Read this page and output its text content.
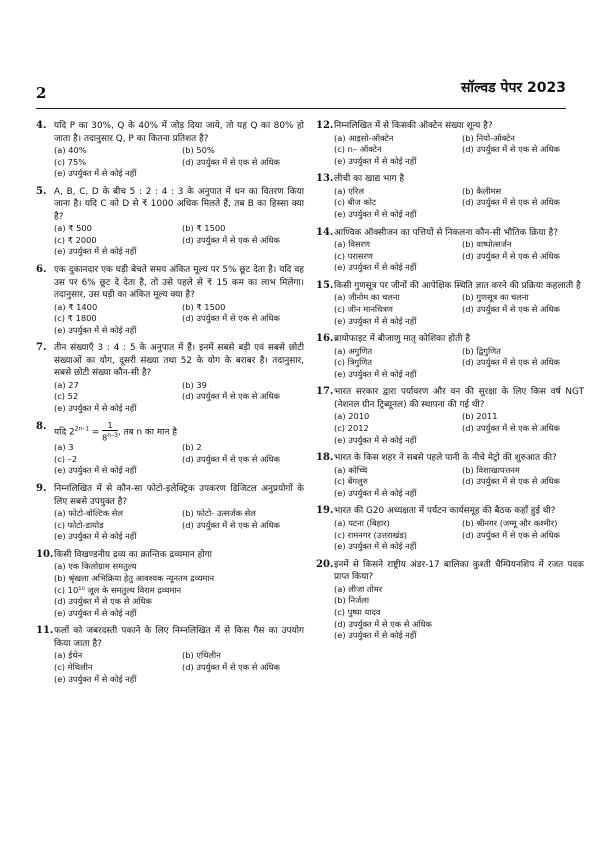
2	सॉल्वड पेपर 2023
4. यदि P का 30%, Q के 40% में जोड़ दिया जाये, तो यह Q का 80% हो जाता है। तदानुसार Q, P का कितना प्रतिशत है?
(a) 40%	(b) 50%
(c) 75%	(d) उपर्युक्त में से एक से अधिक
(e) उपर्युक्त में से कोई नहीं
5. A, B, C, D के बीच 5 : 2 : 4 : 3 के अनुपात में धन का वितरण किया जाना है। यदि C को D से ₹ 1000 अधिक मिलते हैं, तब B का हिस्सा क्या है?
(a) ₹ 500	(b) ₹ 1500
(c) ₹ 2000	(d) उपर्युक्त में से एक से अधिक
(e) उपर्युक्त में से कोई नहीं
6. एक दुकानदार एक घड़ी बेचते समय अंकित मूल्य पर 5% छूट देता है। यदि वह उस पर 6% छूट दे देता है, तो उसे पहले से ₹ 15 कम का लाभ मिलेगा। तदानुसार, उस घड़ी का अंकित मूल्य क्या है?
(a) ₹ 1400	(b) ₹ 1500
(c) ₹ 1800	(d) उपर्युक्त में से एक से अधिक
(e) उपर्युक्त में से कोई नहीं
7. तीन संख्याएँ 3 : 4 : 5 के अनुपात में हैं। इनमें सबसे बड़ी एवं सबसे छोटी संख्याओं का योग, दूसरी संख्या तथा 52 के योग के बराबर है। तदानुसार, सबसे छोटी संख्या कौन-सी है?
(a) 27	(b) 39
(c) 52	(d) उपर्युक्त में से एक से अधिक
(e) उपर्युक्त में से कोई नहीं
8.
यदि $2^{2n-1} = \frac{1}{8^{n-3}}$ , तब n का मान है
(a) 3	(b) 2
(c) –2	(d) उपर्युक्त में से एक से अधिक
(e) उपर्युक्त में से कोई नहीं
9. निम्नलिखित में से कौन-सा फोटो-इलेक्ट्रिक उपकरण डिजिटल अनुप्रयोगों के लिए सबसे उपयुक्त है?
(a) फोटो-वोल्टिक सेल	(b) फोटो- उत्सर्जक सेल
(c) फोटो-डायोड	(d) उपर्युक्त में से एक से अधिक
(e) उपर्युक्त में से कोई नहीं
10. किसी विखण्डनीय द्रव्य का क्रान्तिक द्रव्यमान होगा
(a) एक किलोग्राम समतुल्य
(b) श्रृंखला अभिक्रिया हेतु आवश्यक न्यूनतम द्रव्यमान
(c) 10¹⁰ जूल के समतुल्य विराम द्रव्यमान
(d) उपर्युक्त में से एक से अधिक
(e) उपर्युक्त में से कोई नहीं
11. फलों को जबरदस्ती पकाने के लिए निम्नलिखित में से किस गैस का उपयोग किया जाता है?
(a) ईथेन	(b) एथिलीन
(c) मेथिलीन	(d) उपर्युक्त में से एक से अधिक
(e) उपर्युक्त में से कोई नहीं
12. निम्नलिखित में से किसकी ऑक्टेन संख्या शून्य है?
(a) आइसो-ऑक्टेन	(b) नियो-ऑक्टेन
(c) n– ऑक्टेन	(d) उपर्युक्त में से एक से अधिक
(e) उपर्युक्त में से कोई नहीं
13. लीची का खाद्य भाग है
(a) एरिल	(b) कैलीमस
(c) बीज कोट	(d) उपर्युक्त में से एक से अधिक
(e) उपर्युक्त में से कोई नहीं
14. आण्विक ऑक्सीजन का पत्तियों से निकलना कौन-सी भौतिक क्रिया है?
(a) विसरण	(b) वाष्पोत्सर्जन
(c) परासरण	(d) उपर्युक्त में से एक से अधिक
(e) उपर्युक्त में से कोई नहीं
15. किसी गुणसूत्र पर जीनों की आपेक्षिक स्थिति ज्ञात करने की प्रक्रिया कहलाती है
(a) जीनोम का चलना	(b) गुणसूत्र का चलना
(c) जीन मानचित्रण	(d) उपर्युक्त में से एक से अधिक
(e) उपर्युक्त में से कोई नहीं
16. ब्रायोफाइट में बीजाणु मातृ कोशिका होती है
(a) अगुणित	(b) द्विगुणित
(c) त्रिगुणित	(d) उपर्युक्त में से एक से अधिक
(e) उपर्युक्त में से कोई नहीं
17. भारत सरकार द्वारा पर्यावरण और वन की सुरक्षा के लिए किस वर्ष NGT (नेशनल ग्रीन ट्रिब्यूनल) की स्थापना की गई थी?
(a) 2010	(b) 2011
(c) 2012	(d) उपर्युक्त में से एक से अधिक
(e) उपर्युक्त में से कोई नहीं
18. भारत के किस शहर ने सबसे पहले पानी के नीचे मेट्रो की शुरुआत की?
(a) कोच्चि	(b) विशाखापत्तनम
(c) बेंगलुरु	(d) उपर्युक्त में से एक से अधिक
(e) उपर्युक्त में से कोई नहीं
19. भारत की G20 अध्यक्षता में पर्यटन कार्यसमूह की बैठक कहाँ हुई थी?
(a) पटना (बिहार)	(b) श्रीनगर (जम्मू और कश्मीर)
(c) रामनगर (उत्तराखंड)	(d) उपर्युक्त में से एक से अधिक
(e) उपर्युक्त में से कोई नहीं
20. इनमें से किसने राष्ट्रीय अंडर-17 बालिका कुश्ती चैम्पियनशिप में रजत पदक प्राप्त किया?
(a) लीजा तोमर
(b) निर्जला
(c) पुष्पा यादव
(d) उपर्युक्त में से एक से अधिक
(e) उपर्युक्त में से कोई नहीं
